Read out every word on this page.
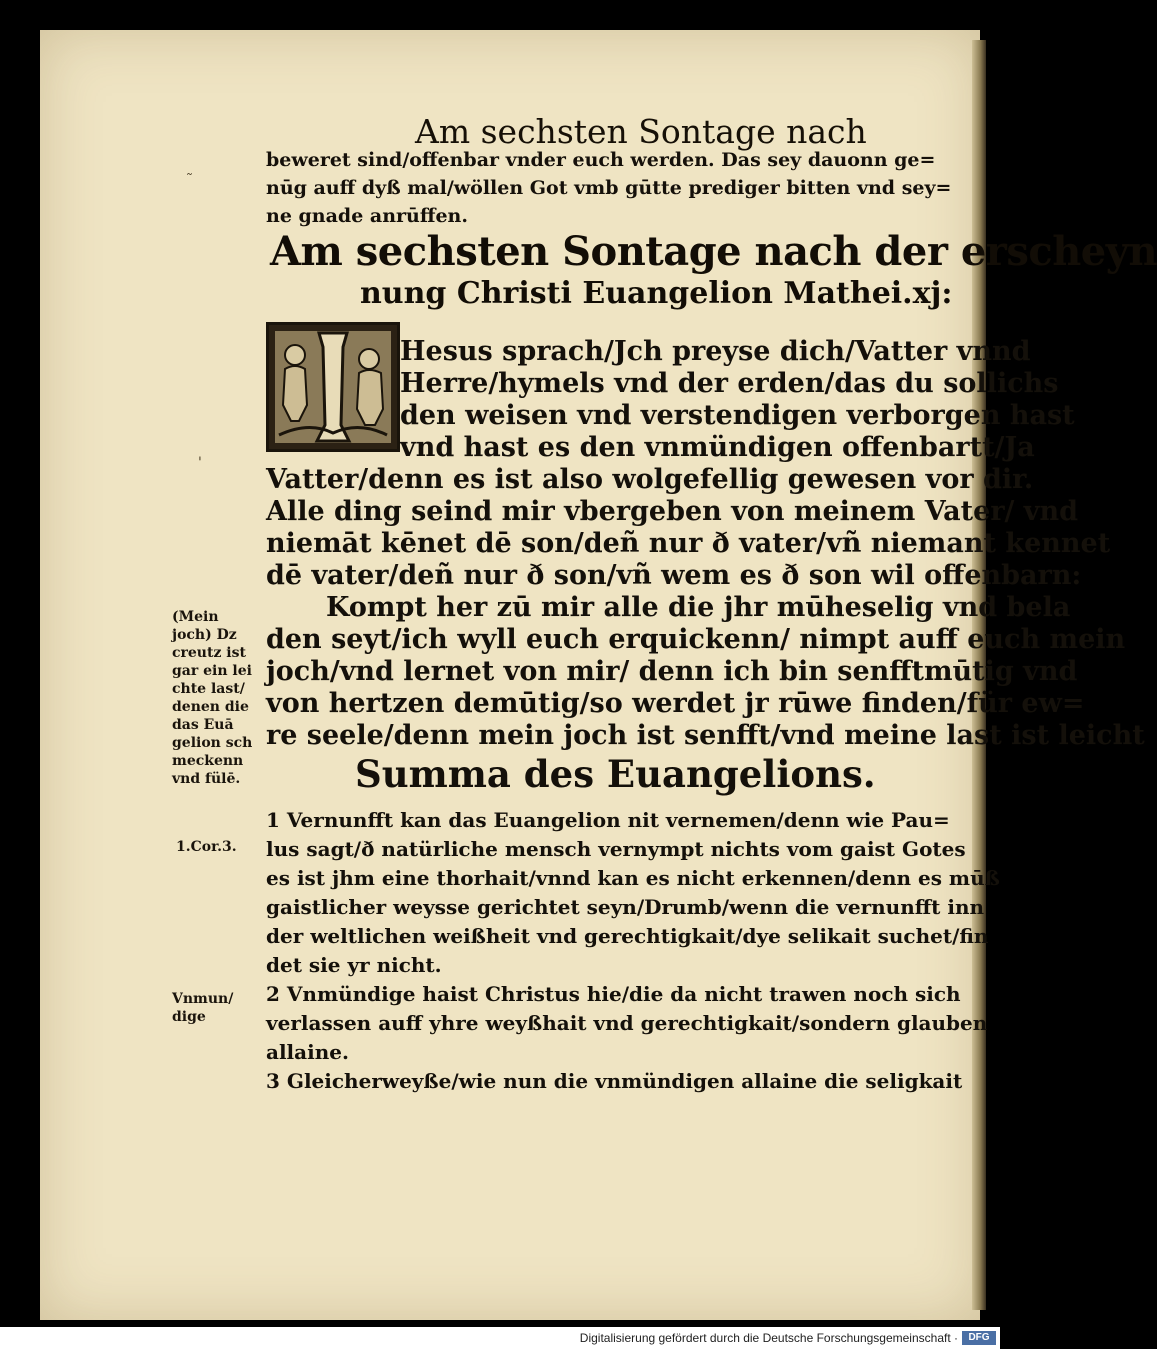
˜
'
Am sechsten Sontage nach
beweret sind/offenbar vnder euch werden. Das sey dauonn ge=
nūg auff dyß mal/wöllen Got vmb gūtte prediger bitten vnd sey=
ne gnade anrūffen.
Am sechsten Sontage nach der erscheyn
nung Christi Euangelion Mathei.xj:
Hesus sprach/Jch preyse dich/Vatter vnnd
Herre/hymels vnd der erden/das du sollichs
den weisen vnd verstendigen verborgen hast
vnd hast es den vnmündigen offenbartt/Ja
Vatter/denn es ist also wolgefellig gewesen vor dir.
Alle ding seind mir vbergeben von meinem Vater/ vnd
niemāt kēnet dē son/deñ nur ð vater/vñ niemant kennet
dē vater/deñ nur ð son/vñ wem es ð son wil offenbarn:
Kompt her zū mir alle die jhr mūheselig vnd bela
den seyt/ich wyll euch erquickenn/ nimpt auff euch mein
joch/vnd lernet von mir/ denn ich bin senfftmūtig vnd
von hertzen demūtig/so werdet jr rūwe finden/für ew=
re seele/denn mein joch ist senfft/vnd meine last ist leicht
(Mein
joch) Dz
creutz ist
gar ein lei
chte last/
denen die
das Euā
gelion sch
meckenn
vnd fülē.	Summa des Euangelions.
1.Cor.3.
Vnmun/
dige
1 Vernunfft kan das Euangelion nit vernemen/denn wie Pau=
lus sagt/ð natürliche mensch vernympt nichts vom gaist Gotes
es ist jhm eine thorhait/vnnd kan es nicht erkennen/denn es mūß
gaistlicher weysse gerichtet seyn/Drumb/wenn die vernunfft inn
der weltlichen weißheit vnd gerechtigkait/dye selikait suchet/fin
det sie yr nicht.
2 Vnmündige haist Christus hie/die da nicht trawen noch sich
verlassen auff yhre weyßhait vnd gerechtigkait/sondern glauben
allaine.
3 Gleicherweyße/wie nun die vnmündigen allaine die seligkait
Digitalisierung gefördert durch die Deutsche Forschungsgemeinschaft ·	DFG
